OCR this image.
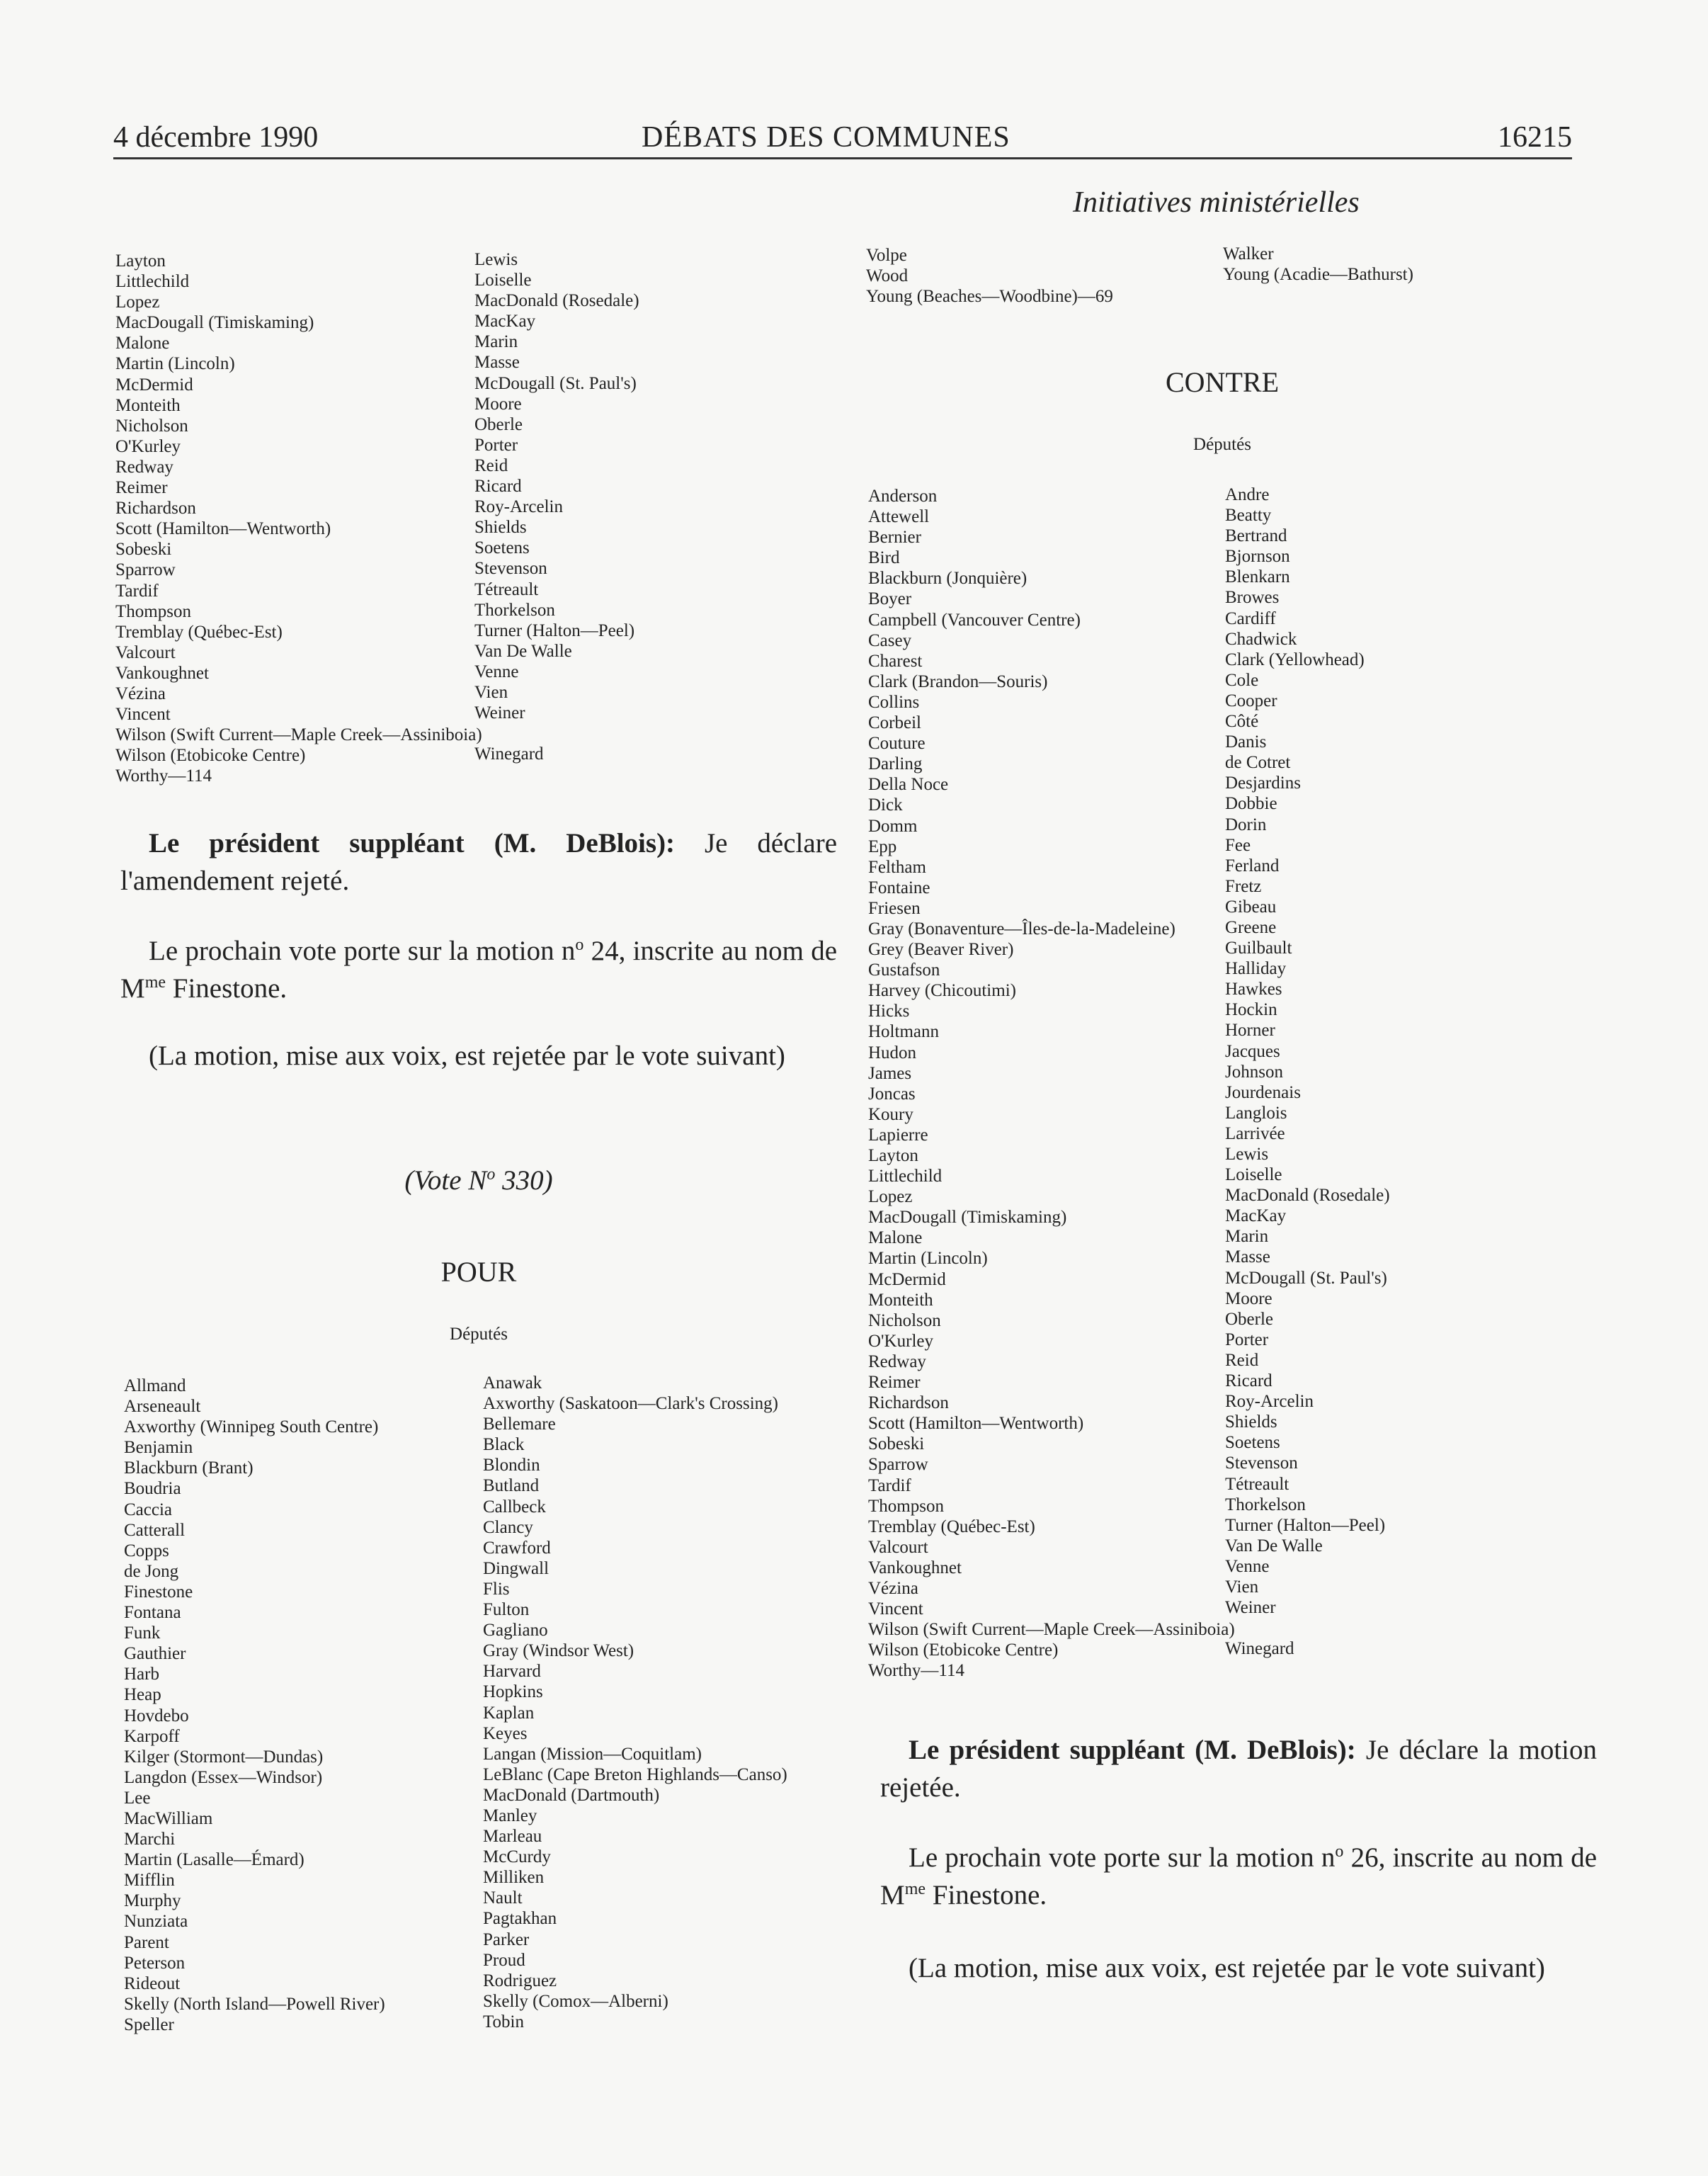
4 décembre 1990	DÉBATS DES COMMUNES	16215
Initiatives ministérielles
Layton
Littlechild
Lopez
MacDougall (Timiskaming)
Malone
Martin (Lincoln)
McDermid
Monteith
Nicholson
O'Kurley
Redway
Reimer
Richardson
Scott (Hamilton—Wentworth)
Sobeski
Sparrow
Tardif
Thompson
Tremblay (Québec-Est)
Valcourt
Vankoughnet
Vézina
Vincent
Wilson (Swift Current—Maple Creek—Assiniboia)
Wilson (Etobicoke Centre)
Worthy—114
Lewis
Loiselle
MacDonald (Rosedale)
MacKay
Marin
Masse
McDougall (St. Paul's)
Moore
Oberle
Porter
Reid
Ricard
Roy-Arcelin
Shields
Soetens
Stevenson
Tétreault
Thorkelson
Turner (Halton—Peel)
Van De Walle
Venne
Vien
Weiner

Winegard
Le président suppléant (M. DeBlois): Je déclare l'amendement rejeté.
Le prochain vote porte sur la motion $n^o$ 24, inscrite au nom de $M^{me}$ Finestone.
(La motion, mise aux voix, est rejetée par le vote suivant)
(Vote $N^o$ 330)
POUR
Députés
Allmand
Arseneault
Axworthy (Winnipeg South Centre)
Benjamin
Blackburn (Brant)
Boudria
Caccia
Catterall
Copps
de Jong
Finestone
Fontana
Funk
Gauthier
Harb
Heap
Hovdebo
Karpoff
Kilger (Stormont—Dundas)
Langdon (Essex—Windsor)
Lee
MacWilliam
Marchi
Martin (Lasalle—Émard)
Mifflin
Murphy
Nunziata
Parent
Peterson
Rideout
Skelly (North Island—Powell River)
Speller
Anawak
Axworthy (Saskatoon—Clark's Crossing)
Bellemare
Black
Blondin
Butland
Callbeck
Clancy
Crawford
Dingwall
Flis
Fulton
Gagliano
Gray (Windsor West)
Harvard
Hopkins
Kaplan
Keyes
Langan (Mission—Coquitlam)
LeBlanc (Cape Breton Highlands—Canso)
MacDonald (Dartmouth)
Manley
Marleau
McCurdy
Milliken
Nault
Pagtakhan
Parker
Proud
Rodriguez
Skelly (Comox—Alberni)
Tobin
Volpe
Wood
Young (Beaches—Woodbine)—69
Walker
Young (Acadie—Bathurst)
CONTRE
Députés
Anderson
Attewell
Bernier
Bird
Blackburn (Jonquière)
Boyer
Campbell (Vancouver Centre)
Casey
Charest
Clark (Brandon—Souris)
Collins
Corbeil
Couture
Darling
Della Noce
Dick
Domm
Epp
Feltham
Fontaine
Friesen
Gray (Bonaventure—Îles-de-la-Madeleine)
Grey (Beaver River)
Gustafson
Harvey (Chicoutimi)
Hicks
Holtmann
Hudon
James
Joncas
Koury
Lapierre
Layton
Littlechild
Lopez
MacDougall (Timiskaming)
Malone
Martin (Lincoln)
McDermid
Monteith
Nicholson
O'Kurley
Redway
Reimer
Richardson
Scott (Hamilton—Wentworth)
Sobeski
Sparrow
Tardif
Thompson
Tremblay (Québec-Est)
Valcourt
Vankoughnet
Vézina
Vincent
Wilson (Swift Current—Maple Creek—Assiniboia)
Wilson (Etobicoke Centre)
Worthy—114
Andre
Beatty
Bertrand
Bjornson
Blenkarn
Browes
Cardiff
Chadwick
Clark (Yellowhead)
Cole
Cooper
Côté
Danis
de Cotret
Desjardins
Dobbie
Dorin
Fee
Ferland
Fretz
Gibeau
Greene
Guilbault
Halliday
Hawkes
Hockin
Horner
Jacques
Johnson
Jourdenais
Langlois
Larrivée
Lewis
Loiselle
MacDonald (Rosedale)
MacKay
Marin
Masse
McDougall (St. Paul's)
Moore
Oberle
Porter
Reid
Ricard
Roy-Arcelin
Shields
Soetens
Stevenson
Tétreault
Thorkelson
Turner (Halton—Peel)
Van De Walle
Venne
Vien
Weiner

Winegard
Le président suppléant (M. DeBlois): Je déclare la motion rejetée.
Le prochain vote porte sur la motion $n^o$ 26, inscrite au nom de $M^{me}$ Finestone.
(La motion, mise aux voix, est rejetée par le vote suivant)
